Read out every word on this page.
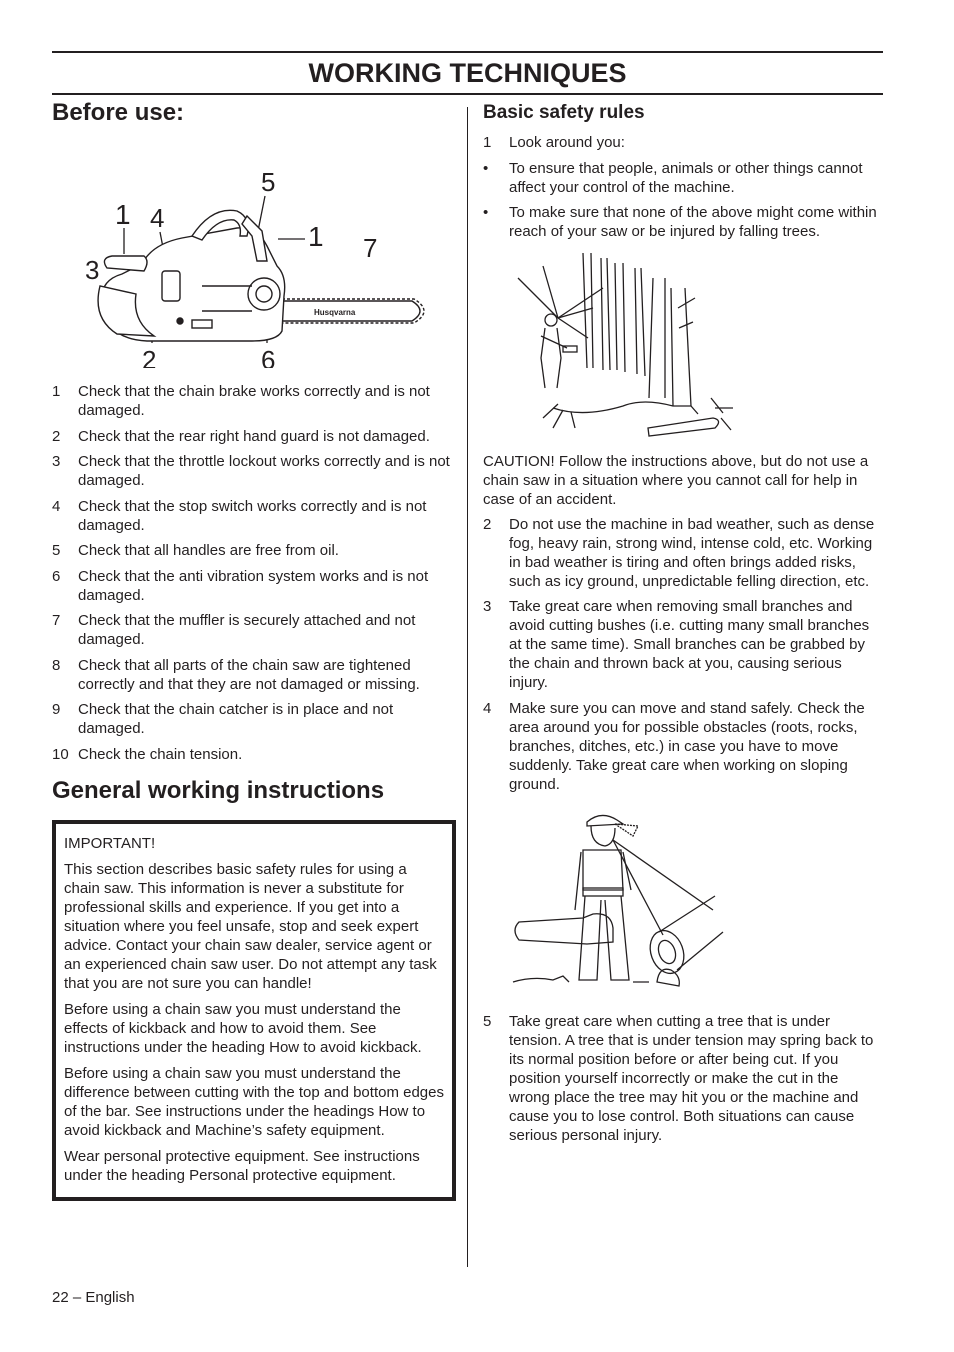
WORKING TECHNIQUES
Before use:
1 4
5
1 7
3
2	6
Husqvarna
1 Check that the chain brake works correctly and is not damaged.
2 Check that the rear right hand guard is not damaged.
3 Check that the throttle lockout works correctly and is not damaged.
4 Check that the stop switch works correctly and is not damaged.
5 Check that all handles are free from oil.
6 Check that the anti vibration system works and is not damaged.
7 Check that the muffler is securely attached and not damaged.
8 Check that all parts of the chain saw are tightened correctly and that they are not damaged or missing.
9 Check that the chain catcher is in place and not damaged.
10 Check the chain tension.
General working instructions

IMPORTANT!

This section describes basic safety rules for using a chain saw. This information is never a substitute for professional skills and experience. If you get into a situation where you feel unsafe, stop and seek expert advice. Contact your chain saw dealer, service agent or an experienced chain saw user. Do not attempt any task that you are not sure you can handle!

Before using a chain saw you must understand the effects of kickback and how to avoid them. See instructions under the heading How to avoid kickback.

Before using a chain saw you must understand the difference between cutting with the top and bottom edges of the bar. See instructions under the headings How to avoid kickback and Machine’s safety equipment.

Wear personal protective equipment. See instructions under the heading Personal protective equipment.

Basic safety rules
1 Look around you:
• To ensure that people, animals or other things cannot affect your control of the machine.
• To make sure that none of the above might come within reach of your saw or be injured by falling trees.

CAUTION! Follow the instructions above, but do not use a chain saw in a situation where you cannot call for help in case of an accident.

2 Do not use the machine in bad weather, such as dense fog, heavy rain, strong wind, intense cold, etc. Working in bad weather is tiring and often brings added risks, such as icy ground, unpredictable felling direction, etc.
3 Take great care when removing small branches and avoid cutting bushes (i.e. cutting many small branches at the same time). Small branches can be grabbed by the chain and thrown back at you, causing serious injury.
4 Make sure you can move and stand safely. Check the area around you for possible obstacles (roots, rocks, branches, ditches, etc.) in case you have to move suddenly. Take great care when working on sloping ground.
5 Take great care when cutting a tree that is under tension. A tree that is under tension may spring back to its normal position before or after being cut. If you position yourself incorrectly or make the cut in the wrong place the tree may hit you or the machine and cause you to lose control. Both situations can cause serious personal injury.
22 – English
